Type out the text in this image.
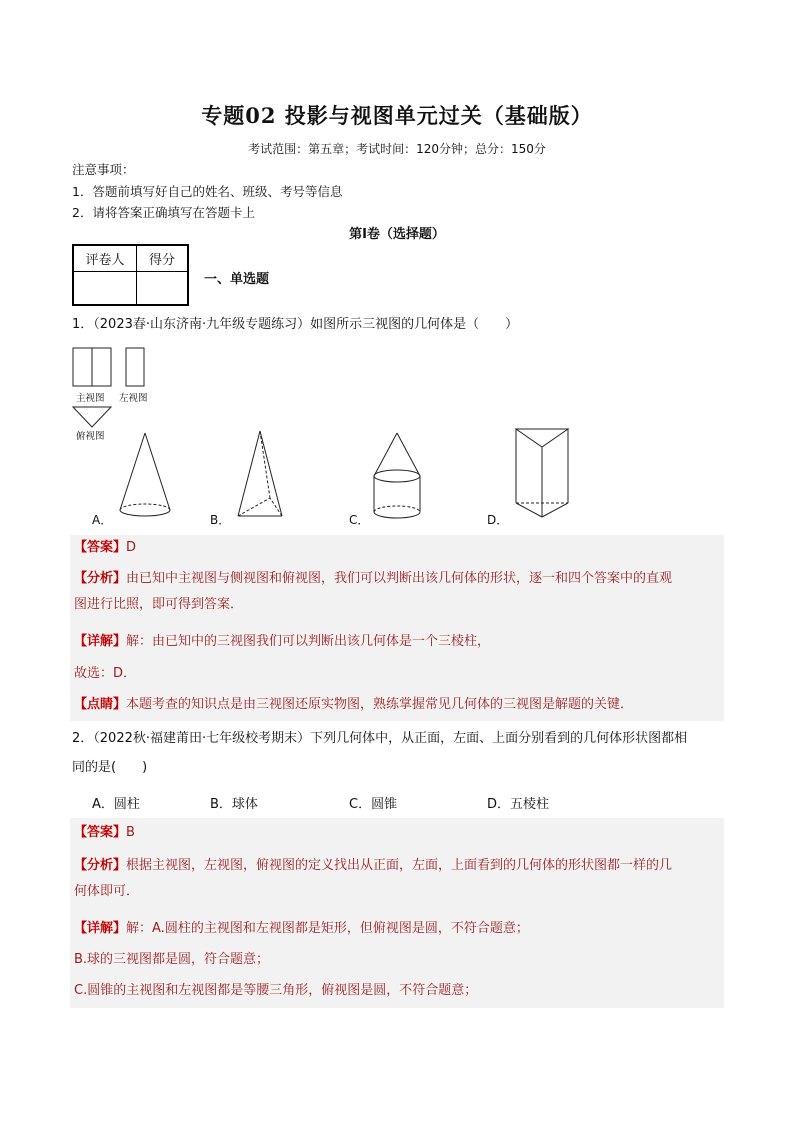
专题02 投影与视图单元过关（基础版）
考试范围：第五章；考试时间：120分钟；总分：150分
注意事项：
1．答题前填写好自己的姓名、班级、考号等信息
2．请将答案正确填写在答题卡上
第I卷（选择题）
评卷人	得分

一、单选题
1．（2023春·山东济南·九年级专题练习）如图所示三视图的几何体是（　　）
主视图 左视图
俯视图
A．	B．	C．	D．
【答案】D
【分析】由已知中主视图与侧视图和俯视图，我们可以判断出该几何体的形状，逐一和四个答案中的直观
图进行比照，即可得到答案．
【详解】解：由已知中的三视图我们可以判断出该几何体是一个三棱柱，
故选：D．
【点睛】本题考查的知识点是由三视图还原实物图，熟练掌握常见几何体的三视图是解题的关键．
2．（2022秋·福建莆田·七年级校考期末）下列几何体中，从正面，左面、上面分别看到的几何体形状图都相
同的是(　　)
A．圆柱	B．球体	C．圆锥	D．五棱柱
【答案】B
【分析】根据主视图，左视图，俯视图的定义找出从正面，左面，上面看到的几何体的形状图都一样的几
何体即可．
【详解】解：A.圆柱的主视图和左视图都是矩形，但俯视图是圆，不符合题意；
B.球的三视图都是圆，符合题意；
C.圆锥的主视图和左视图都是等腰三角形，俯视图是圆，不符合题意；
